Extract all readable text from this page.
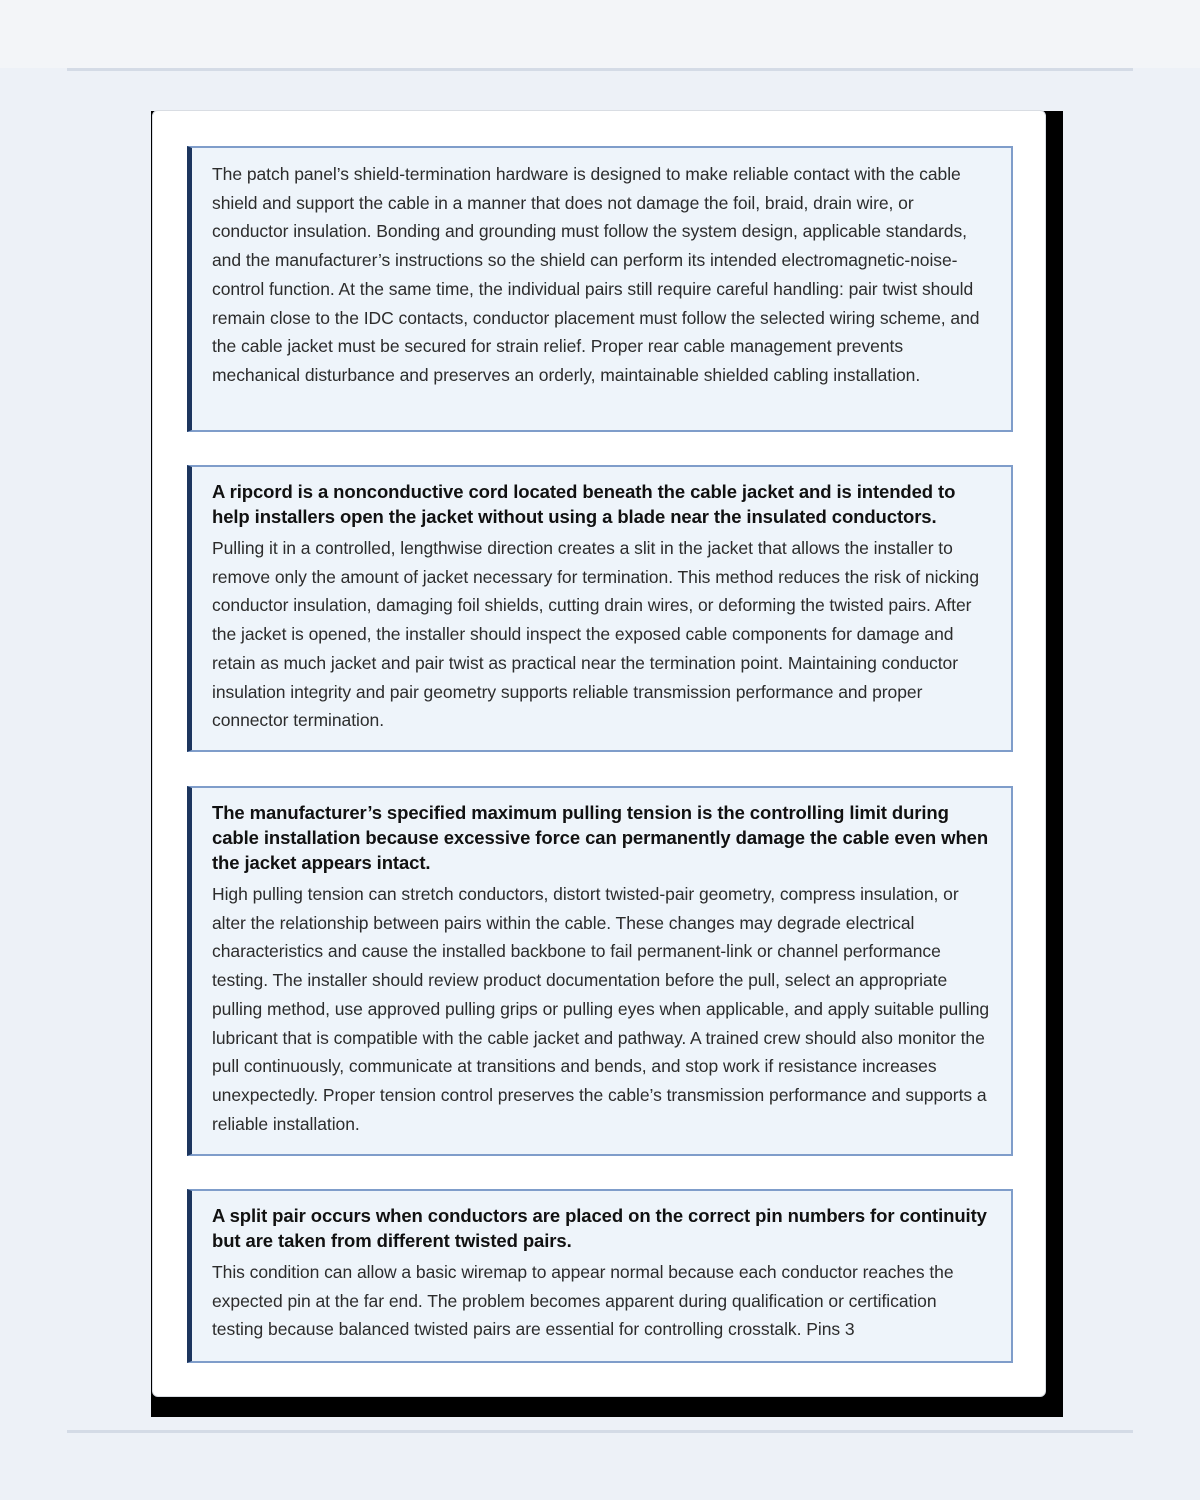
The patch panel’s shield-termination hardware is designed to make reliable contact with the cable shield and support the cable in a manner that does not damage the foil, braid, drain wire, or conductor insulation. Bonding and grounding must follow the system design, applicable standards, and the manufacturer’s instructions so the shield can perform its intended electromagnetic-noise-control function. At the same time, the individual pairs still require careful handling: pair twist should remain close to the IDC contacts, conductor placement must follow the selected wiring scheme, and the cable jacket must be secured for strain relief. Proper rear cable management prevents mechanical disturbance and preserves an orderly, maintainable shielded cabling installation.

A ripcord is a nonconductive cord located beneath the cable jacket and is intended to help installers open the jacket without using a blade near the insulated conductors.

Pulling it in a controlled, lengthwise direction creates a slit in the jacket that allows the installer to remove only the amount of jacket necessary for termination. This method reduces the risk of nicking conductor insulation, damaging foil shields, cutting drain wires, or deforming the twisted pairs. After the jacket is opened, the installer should inspect the exposed cable components for damage and retain as much jacket and pair twist as practical near the termination point. Maintaining conductor insulation integrity and pair geometry supports reliable transmission performance and proper connector termination.

The manufacturer’s specified maximum pulling tension is the controlling limit during cable installation because excessive force can permanently damage the cable even when the jacket appears intact.

High pulling tension can stretch conductors, distort twisted-pair geometry, compress insulation, or alter the relationship between pairs within the cable. These changes may degrade electrical characteristics and cause the installed backbone to fail permanent-link or channel performance testing. The installer should review product documentation before the pull, select an appropriate pulling method, use approved pulling grips or pulling eyes when applicable, and apply suitable pulling lubricant that is compatible with the cable jacket and pathway. A trained crew should also monitor the pull continuously, communicate at transitions and bends, and stop work if resistance increases unexpectedly. Proper tension control preserves the cable’s transmission performance and supports a reliable installation.

A split pair occurs when conductors are placed on the correct pin numbers for continuity but are taken from different twisted pairs.

This condition can allow a basic wiremap to appear normal because each conductor reaches the expected pin at the far end. The problem becomes apparent during qualification or certification testing because balanced twisted pairs are essential for controlling crosstalk. Pins 3
